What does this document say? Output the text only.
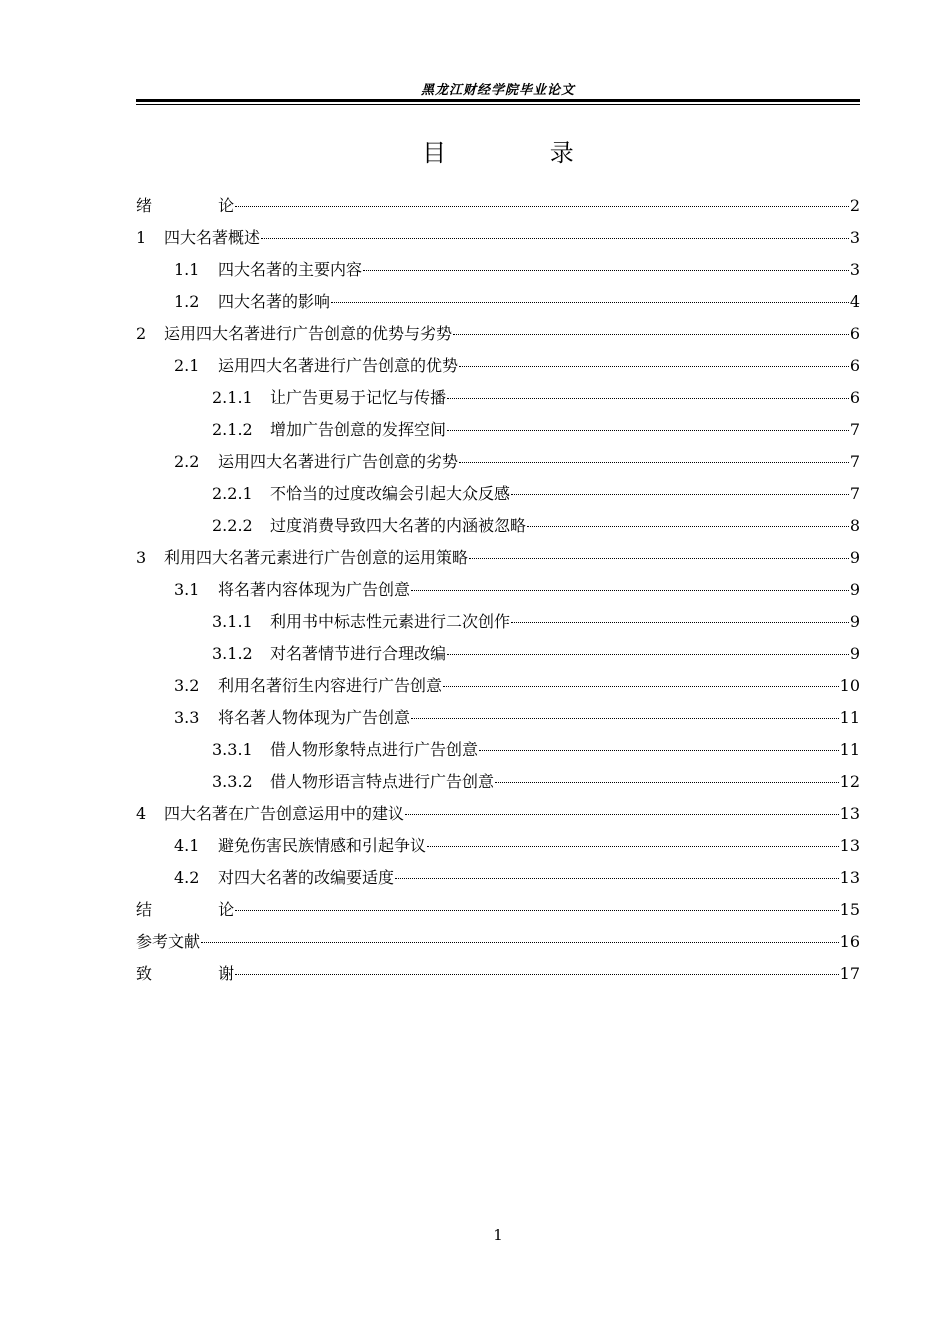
黑龙江财经学院毕业论文
目 录
绪  论	2
1	四大名著概述	3
1.1	四大名著的主要内容	3
1.2	四大名著的影响	4
2	运用四大名著进行广告创意的优势与劣势	6
2.1	运用四大名著进行广告创意的优势	6
2.1.1	让广告更易于记忆与传播	6
2.1.2	增加广告创意的发挥空间	7
2.2	运用四大名著进行广告创意的劣势	7
2.2.1	不恰当的过度改编会引起大众反感	7
2.2.2	过度消费导致四大名著的内涵被忽略	8
3	利用四大名著元素进行广告创意的运用策略	9
3.1	将名著内容体现为广告创意	9
3.1.1	利用书中标志性元素进行二次创作	9
3.1.2	对名著情节进行合理改编	9
3.2	利用名著衍生内容进行广告创意	10
3.3	将名著人物体现为广告创意	11
3.3.1	借人物形象特点进行广告创意	11
3.3.2	借人物形语言特点进行广告创意	12
4	四大名著在广告创意运用中的建议	13
4.1	避免伤害民族情感和引起争议	13
4.2	对四大名著的改编要适度	13
结  论	15
参考文献	16
致  谢	17
1
